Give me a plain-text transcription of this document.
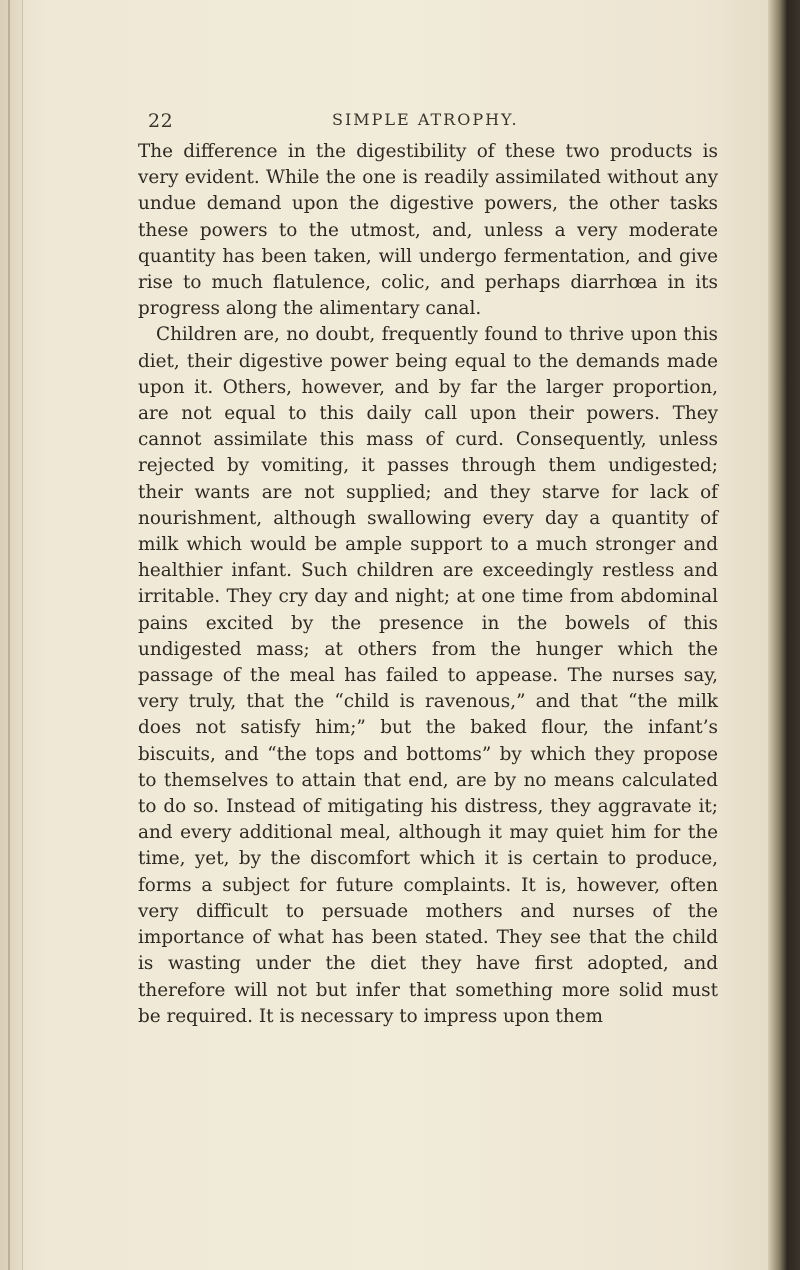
22	SIMPLE ATROPHY.

The difference in the digestibility of these two products is very evident. While the one is readily assimilated without any undue demand upon the digestive powers, the other tasks these powers to the utmost, and, unless a very moderate quantity has been taken, will undergo fermentation, and give rise to much flatulence, colic, and perhaps diarrhœa in its progress along the alimentary canal.

Children are, no doubt, frequently found to thrive upon this diet, their digestive power being equal to the demands made upon it. Others, however, and by far the larger proportion, are not equal to this daily call upon their powers. They cannot assimilate this mass of curd. Consequently, unless rejected by vomiting, it passes through them undigested; their wants are not supplied; and they starve for lack of nourishment, although swallowing every day a quantity of milk which would be ample support to a much stronger and healthier infant. Such children are exceedingly restless and irritable. They cry day and night; at one time from abdominal pains excited by the presence in the bowels of this undigested mass; at others from the hunger which the passage of the meal has failed to appease. The nurses say, very truly, that the “child is ravenous,” and that “the milk does not satisfy him;” but the baked flour, the infant’s biscuits, and “the tops and bottoms” by which they propose to themselves to attain that end, are by no means calculated to do so. Instead of mitigating his distress, they aggravate it; and every additional meal, although it may quiet him for the time, yet, by the discomfort which it is certain to produce, forms a subject for future complaints. It is, however, often very difficult to persuade mothers and nurses of the importance of what has been stated. They see that the child is wasting under the diet they have first adopted, and therefore will not but infer that something more solid must be required. It is necessary to impress upon them
